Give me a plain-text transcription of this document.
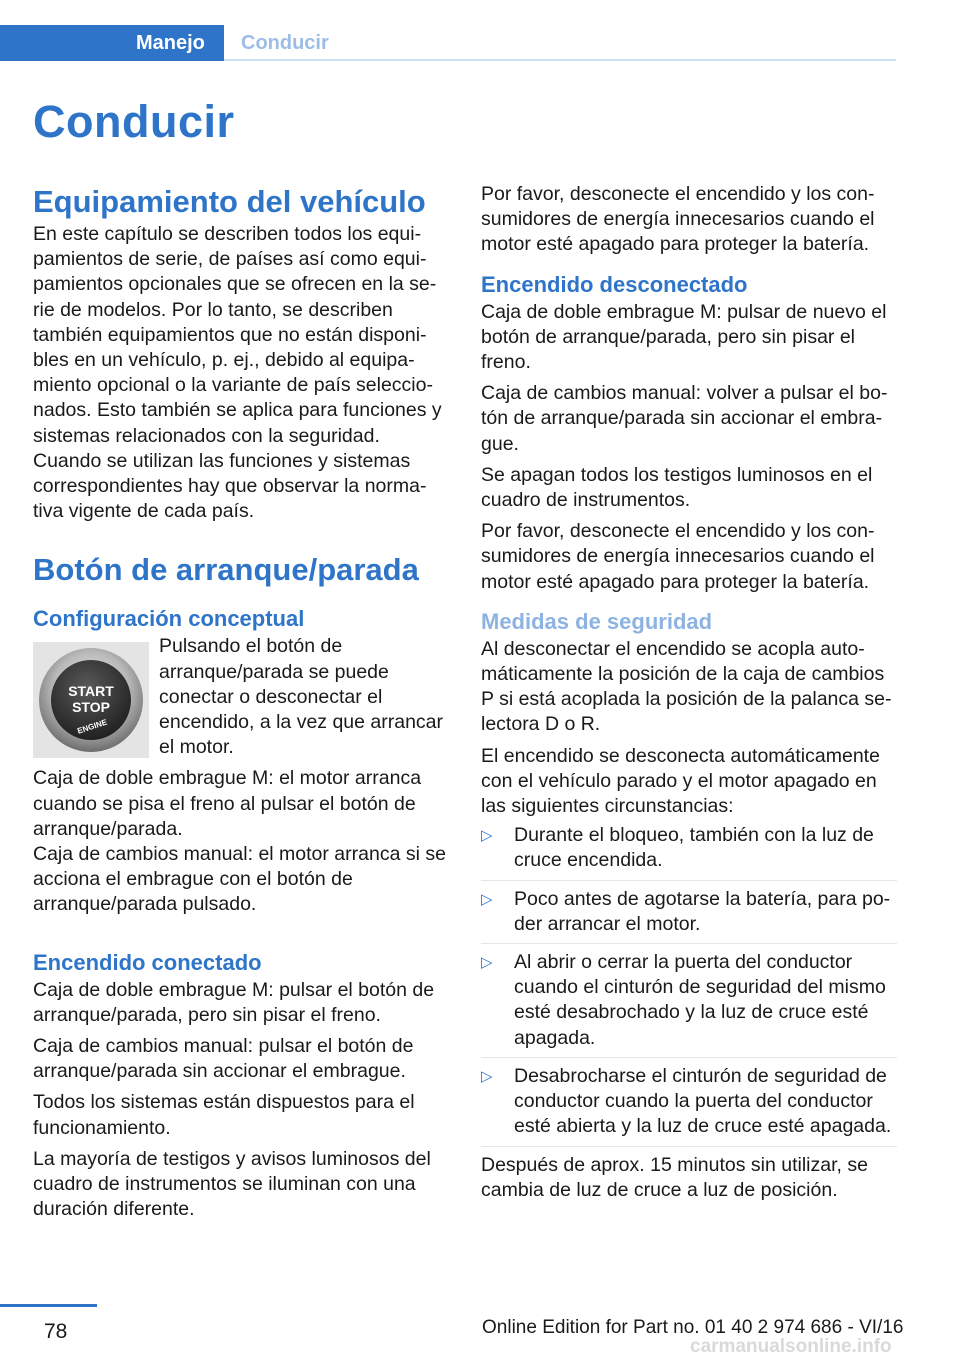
Manejo Conducir
Conducir
Equipamiento del vehículo
En este capítulo se describen todos los equi‐pamientos de serie, de países así como equi‐pamientos opcionales que se ofrecen en la se‐rie de modelos. Por lo tanto, se describen también equipamientos que no están disponi‐bles en un vehículo, p. ej., debido al equipa‐miento opcional o la variante de país seleccio‐nados. Esto también se aplica para funciones y sistemas relacionados con la seguridad. Cuando se utilizan las funciones y sistemas correspondientes hay que observar la norma‐tiva vigente de cada país.
Botón de arranque/parada
Configuración conceptual
START
STOP
ENGINE
Pulsando el botón de arranque/parada se puede conectar o desconectar el encendido, a la vez que arrancar el motor.
Caja de doble embrague M: el motor arranca cuando se pisa el freno al pulsar el botón de arranque/parada.
Caja de cambios manual: el motor arranca si se acciona el embrague con el botón de arranque/parada pulsado.
Encendido conectado
Caja de doble embrague M: pulsar el botón de arranque/parada, pero sin pisar el freno.
Caja de cambios manual: pulsar el botón de arranque/parada sin accionar el embrague.
Todos los sistemas están dispuestos para el funcionamiento.
La mayoría de testigos y avisos luminosos del cuadro de instrumentos se iluminan con una duración diferente.
Por favor, desconecte el encendido y los con‐sumidores de energía innecesarios cuando el motor esté apagado para proteger la batería.
Encendido desconectado
Caja de doble embrague M: pulsar de nuevo el botón de arranque/parada, pero sin pisar el freno.
Caja de cambios manual: volver a pulsar el bo‐tón de arranque/parada sin accionar el embra‐gue.
Se apagan todos los testigos luminosos en el cuadro de instrumentos.
Por favor, desconecte el encendido y los con‐sumidores de energía innecesarios cuando el motor esté apagado para proteger la batería.
Medidas de seguridad
Al desconectar el encendido se acopla auto‐máticamente la posición de la caja de cambios P si está acoplada la posición de la palanca se‐lectora D o R.
El encendido se desconecta automáticamente con el vehículo parado y el motor apagado en las siguientes circunstancias:
▷ Durante el bloqueo, también con la luz de cruce encendida.
▷ Poco antes de agotarse la batería, para po‐der arrancar el motor.
▷ Al abrir o cerrar la puerta del conductor cuando el cinturón de seguridad del mismo esté desabrochado y la luz de cruce esté apagada.
▷ Desabrocharse el cinturón de seguridad de conductor cuando la puerta del conductor esté abierta y la luz de cruce esté apagada.
Después de aprox. 15 minutos sin utilizar, se cambia de luz de cruce a luz de posición.
78	Online Edition for Part no. 01 40 2 974 686 - VI/16
carmanualsonline.info
